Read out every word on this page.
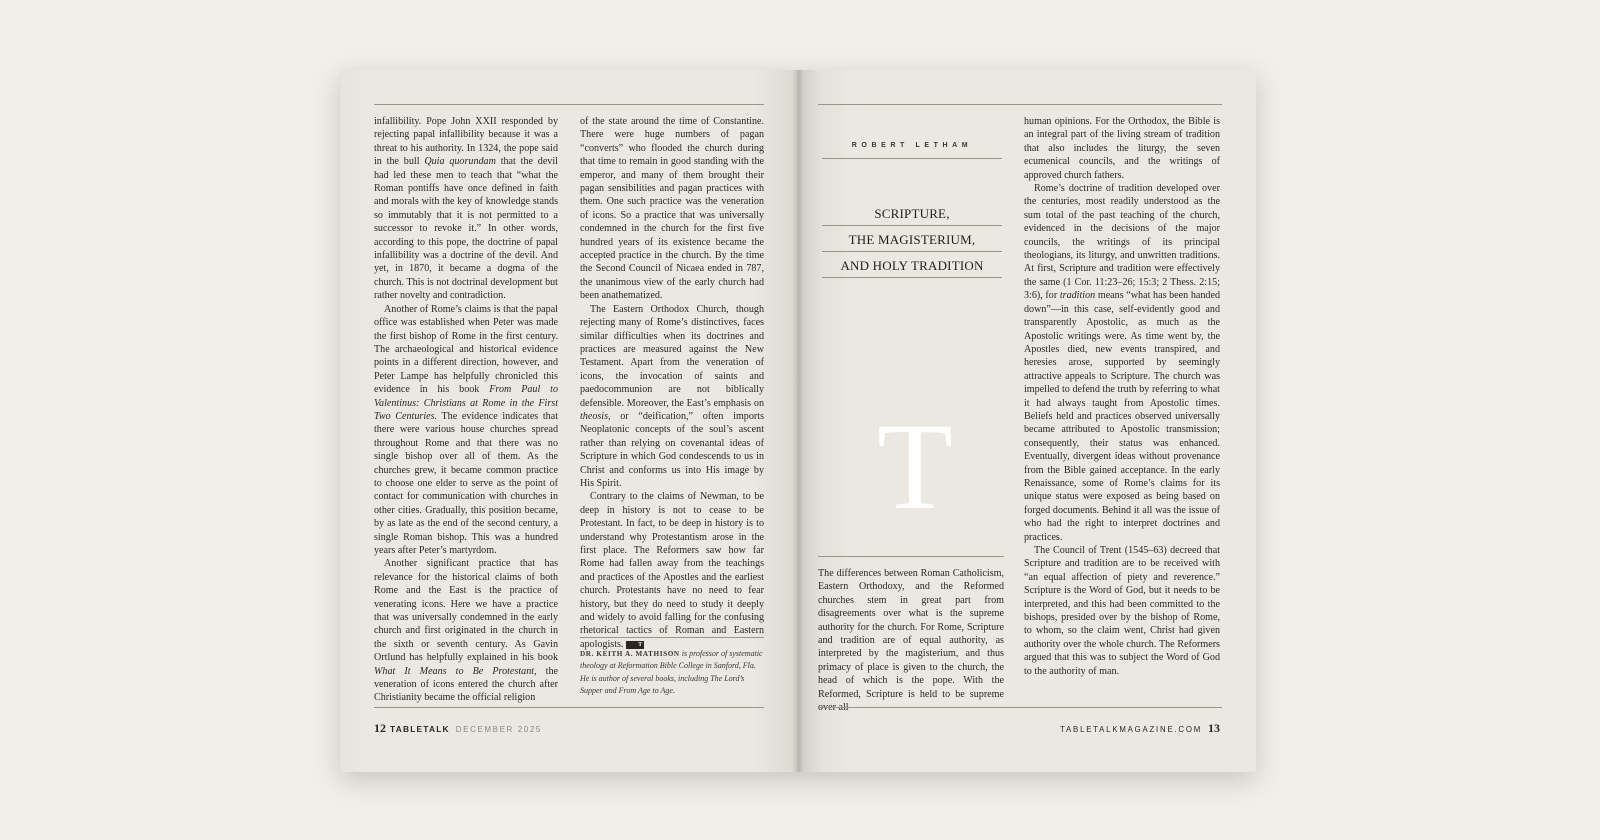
infallibility. Pope John XXII responded by rejecting papal infallibility because it was a threat to his authority. In 1324, the pope said in the bull Quia quorundam that the devil had led these men to teach that “what the Roman pontiffs have once defined in faith and morals with the key of knowledge stands so immutably that it is not permitted to a successor to revoke it.” In other words, according to this pope, the doctrine of papal infallibility was a doctrine of the devil. And yet, in 1870, it became a dogma of the church. This is not doctrinal development but rather novelty and contradiction.

Another of Rome’s claims is that the papal office was established when Peter was made the first bishop of Rome in the first century. The archaeological and historical evidence points in a different direction, however, and Peter Lampe has helpfully chronicled this evidence in his book From Paul to Valentinus: Christians at Rome in the First Two Centuries. The evidence indicates that there were various house churches spread throughout Rome and that there was no single bishop over all of them. As the churches grew, it became common practice to choose one elder to serve as the point of contact for communication with churches in other cities. Gradually, this position became, by as late as the end of the second century, a single Roman bishop. This was a hundred years after Peter’s martyrdom.

Another significant practice that has relevance for the historical claims of both Rome and the East is the practice of venerating icons. Here we have a practice that was universally condemned in the early church and first originated in the church in the sixth or seventh century. As Gavin Ortlund has helpfully explained in his book What It Means to Be Protestant, the veneration of icons entered the church after Christianity became the official religion

of the state around the time of Constantine. There were huge numbers of pagan “converts” who flooded the church during that time to remain in good standing with the emperor, and many of them brought their pagan sensibilities and pagan practices with them. One such practice was the veneration of icons. So a practice that was universally condemned in the church for the first five hundred years of its existence became the accepted practice in the church. By the time the Second Council of Nicaea ended in 787, the unanimous view of the early church had been anathematized.

The Eastern Orthodox Church, though rejecting many of Rome’s distinctives, faces similar difficulties when its doctrines and practices are measured against the New Testament. Apart from the veneration of icons, the invocation of saints and paedocommunion are not biblically defensible. Moreover, the East’s emphasis on theosis, or “deification,” often imports Neoplatonic concepts of the soul’s ascent rather than relying on covenantal ideas of Scripture in which God condescends to us in Christ and conforms us into His image by His Spirit.

Contrary to the claims of Newman, to be deep in history is not to cease to be Protestant. In fact, to be deep in history is to understand why Protestantism arose in the first place. The Reformers saw how far Rome had fallen away from the teachings and practices of the Apostles and the earliest church. Protestants have no need to fear history, but they do need to study it deeply and widely to avoid falling for the confusing rhetorical tactics of Roman and Eastern apologists. T

DR. KEITH A. MATHISON is professor of systematic theology at Reformation Bible College in Sanford, Fla. He is author of several books, including The Lord’s Supper and From Age to Age.
12 TABLETALK DECEMBER 2025
ROBERT LETHAM
SCRIPTURE,
THE MAGISTERIUM,
AND HOLY TRADITION
T

The differences between Roman Catholicism, Eastern Orthodoxy, and the Reformed churches stem in great part from disagreements over what is the supreme authority for the church. For Rome, Scripture and tradition are of equal authority, as interpreted by the magisterium, and thus primacy of place is given to the church, the head of which is the pope. With the Reformed, Scripture is held to be supreme

human opinions. For the Orthodox, the Bible is an integral part of the living stream of tradition that also includes the liturgy, the seven ecumenical councils, and the writings of approved church fathers.

Rome’s doctrine of tradition developed over the centuries, most readily understood as the sum total of the past teaching of the church, evidenced in the decisions of the major councils, the writings of its principal theologians, its liturgy, and unwritten traditions. At first, Scripture and tradition were effectively the same (1 Cor. 11:23–26; 15:3; 2 Thess. 2:15; 3:6), for tradition means “what has been handed down”—in this case, self-evidently good and transparently Apostolic, as much as the Apostolic writings were. As time went by, the Apostles died, new events transpired, and heresies arose, supported by seemingly attractive appeals to Scripture. The church was impelled to defend the truth by referring to what it had always taught from Apostolic times. Beliefs held and practices observed universally became attributed to Apostolic transmission; consequently, their status was enhanced. Eventually, divergent ideas without provenance from the Bible gained acceptance. In the early Renaissance, some of Rome’s claims for its unique status were exposed as being based on forged documents. Behind it all was the issue of who had the right to interpret doctrines and practices.

The Council of Trent (1545–63) decreed that Scripture and tradition are to be received with “an equal affection of piety and reverence.” Scripture is the Word of God, but it needs to be interpreted, and this had been committed to the bishops, presided over by the bishop of Rome, to whom, so the claim went, Christ had given authority over the whole church. The Reformers argued that this was to subject the Word of God to the authority of man.

TABLETALKMAGAZINE.COM 13
